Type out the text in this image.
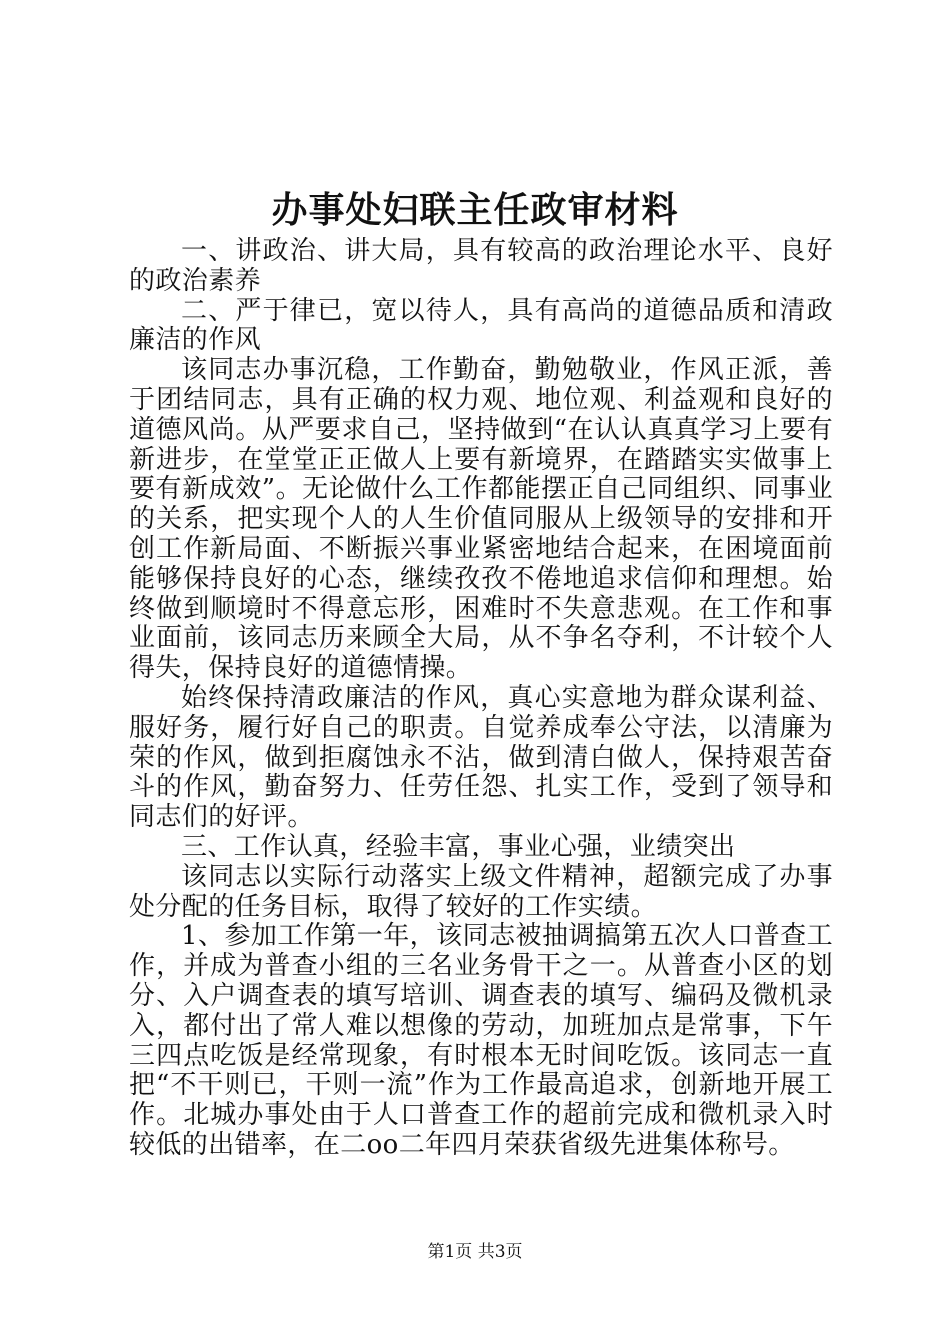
办事处妇联主任政审材料

一、讲政治、讲大局，具有较高的政治理论水平、良好的政治素养

二、严于律已，宽以待人，具有高尚的道德品质和清政廉洁的作风

该同志办事沉稳，工作勤奋，勤勉敬业，作风正派，善于团结同志，具有正确的权力观、地位观、利益观和良好的道德风尚。从严要求自己，坚持做到“在认认真真学习上要有新进步，在堂堂正正做人上要有新境界，在踏踏实实做事上要有新成效”。无论做什么工作都能摆正自己同组织、同事业的关系，把实现个人的人生价值同服从上级领导的安排和开创工作新局面、不断振兴事业紧密地结合起来，在困境面前能够保持良好的心态，继续孜孜不倦地追求信仰和理想。始终做到顺境时不得意忘形，困难时不失意悲观。在工作和事业面前，该同志历来顾全大局，从不争名夺利，不计较个人得失，保持良好的道德情操。

始终保持清政廉洁的作风，真心实意地为群众谋利益、服好务，履行好自己的职责。自觉养成奉公守法，以清廉为荣的作风，做到拒腐蚀永不沾，做到清白做人，保持艰苦奋斗的作风，勤奋努力、任劳任怨、扎实工作，受到了领导和同志们的好评。

三、工作认真，经验丰富，事业心强，业绩突出

该同志以实际行动落实上级文件精神，超额完成了办事处分配的任务目标，取得了较好的工作实绩。

1、参加工作第一年，该同志被抽调搞第五次人口普查工作，并成为普查小组的三名业务骨干之一。从普查小区的划分、入户调查表的填写培训、调查表的填写、编码及微机录入，都付出了常人难以想像的劳动，加班加点是常事，下午三四点吃饭是经常现象，有时根本无时间吃饭。该同志一直把“不干则已，干则一流”作为工作最高追求，创新地开展工作。北城办事处由于人口普查工作的超前完成和微机录入时较低的出错率，在二oo二年四月荣获省级先进集体称号。

第1页 共3页
